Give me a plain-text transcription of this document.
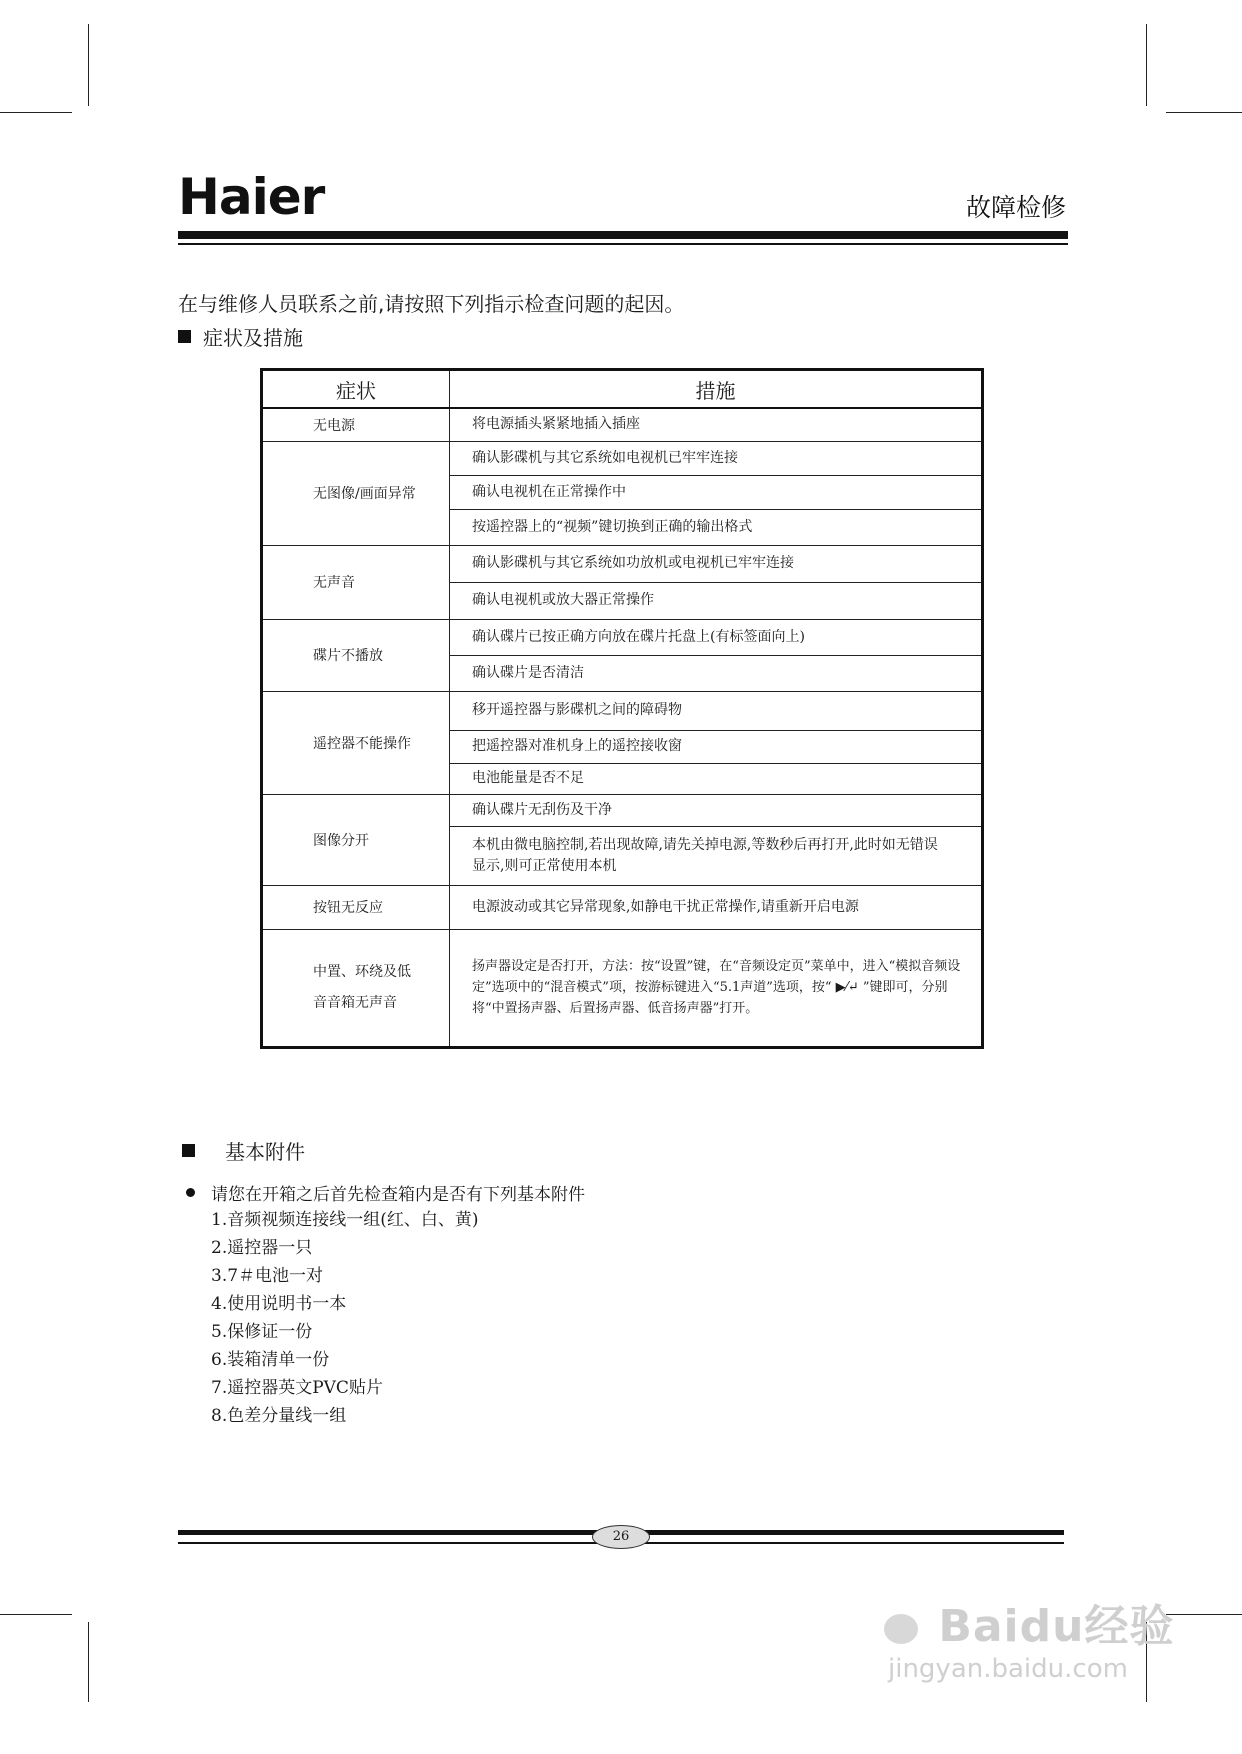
Haier	故障检修
在与维修人员联系之前,请按照下列指示检查问题的起因。
症状及措施
症状	措施
无电源	将电源插头紧紧地插入插座
无图像/画面异常	确认影碟机与其它系统如电视机已牢牢连接
	确认电视机在正常操作中
	按遥控器上的“视频”键切换到正确的输出格式
无声音	确认影碟机与其它系统如功放机或电视机已牢牢连接
	确认电视机或放大器正常操作
碟片不播放	确认碟片已按正确方向放在碟片托盘上(有标签面向上)
	确认碟片是否清洁
遥控器不能操作	移开遥控器与影碟机之间的障碍物
	把遥控器对准机身上的遥控接收窗
	电池能量是否不足
图像分开	确认碟片无刮伤及干净
	本机由微电脑控制,若出现故障,请先关掉电源,等数秒后再打开,此时如无错误显示,则可正常使用本机
按钮无反应	电源波动或其它异常现象,如静电干扰正常操作,请重新开启电源

中置、环绕及低
音音箱无声音	扬声器设定是否打开，方法：按“设置”键，在“音频设定页”菜单中，进入“模拟音频设定”选项中的“混音模式”项，按游标键进入“5.1声道”选项，按“ ▶⁄↵ ”键即可，分别将“中置扬声器、后置扬声器、低音扬声器”打开。
基本附件
请您在开箱之后首先检查箱内是否有下列基本附件
1.音频视频连接线一组(红、白、黄)
2.遥控器一只
3.7＃电池一对
4.使用说明书一本
5.保修证一份
6.装箱清单一份
7.遥控器英文PVC贴片
8.色差分量线一组
26
Baidu经验
jingyan.baidu.com
